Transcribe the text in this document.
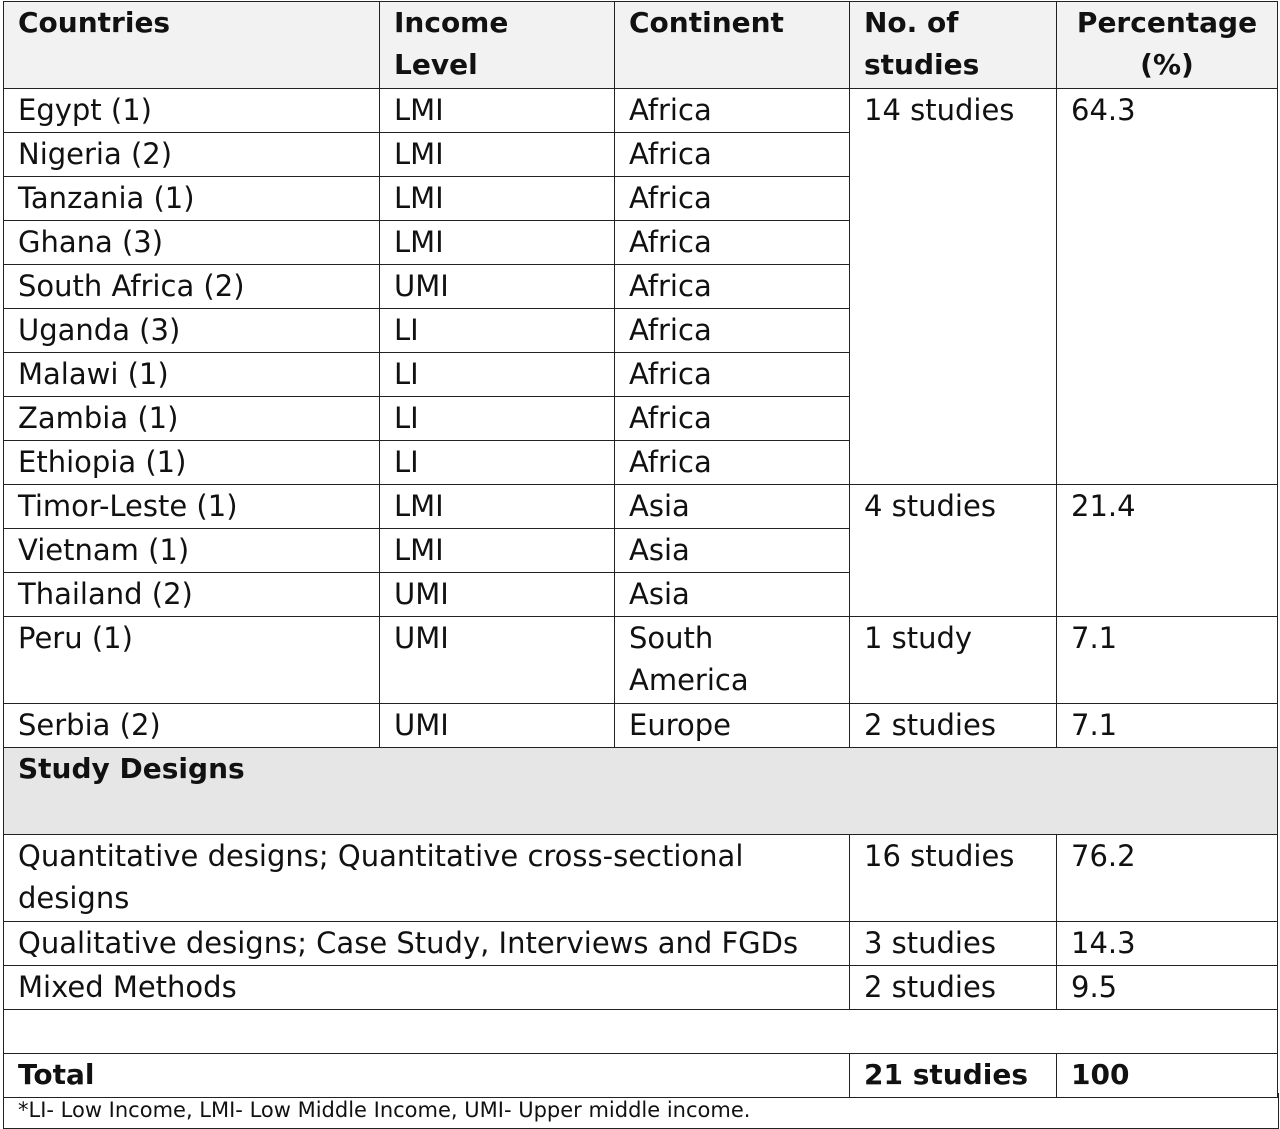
Countries	Income Level	Continent	No. of studies	Percentage (%)
Egypt (1)	LMI	Africa	14 studies	64.3
Nigeria (2)	LMI	Africa		
Tanzania (1)	LMI	Africa		
Ghana (3)	LMI	Africa		
South Africa (2)	UMI	Africa		
Uganda (3)	LI	Africa		
Malawi (1)	LI	Africa		
Zambia (1)	LI	Africa		
Ethiopia (1)	LI	Africa		
Timor-Leste (1)	LMI	Asia	4 studies	21.4
Vietnam (1)	LMI	Asia		
Thailand (2)	UMI	Asia		
Peru (1)	UMI	South America	1 study	7.1
Serbia (2)	UMI	Europe	2 studies	7.1
Study Designs				
Quantitative designs; Quantitative cross-sectional designs			16 studies	76.2
Qualitative designs; Case Study, Interviews and FGDs			3 studies	14.3
Mixed Methods			2 studies	9.5

Total			21 studies	100
*LI- Low Income, LMI- Low Middle Income, UMI- Upper middle income.
